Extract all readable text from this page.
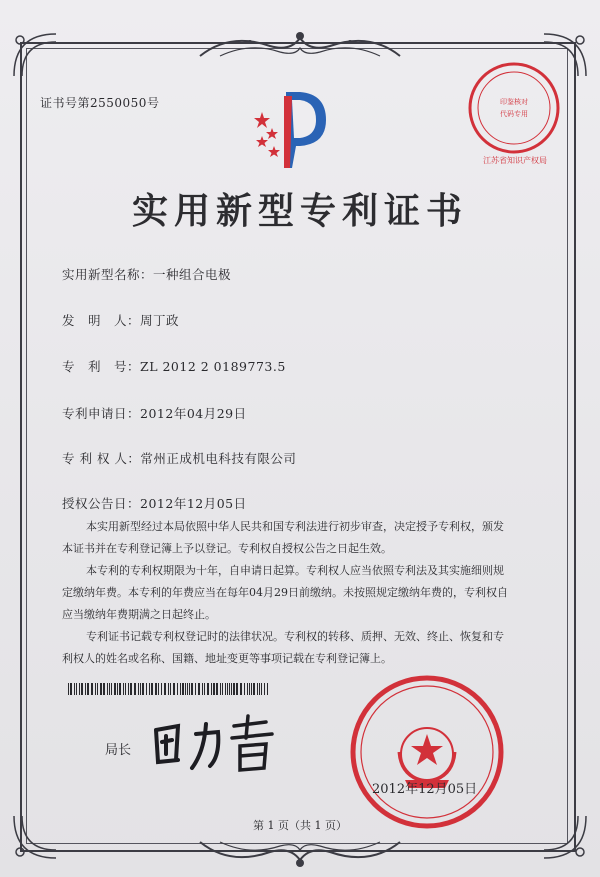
证书号第2550050号	印鉴核对
代码专用
江苏省知识产权局
实用新型专利证书
实用新型名称：一种组合电极
发　明　人：周丁政
专　利　号：ZL 2012 2 0189773.5
专利申请日：2012年04月29日
专 利 权 人：常州正成机电科技有限公司
授权公告日：2012年12月05日
本实用新型经过本局依照中华人民共和国专利法进行初步审查，决定授予专利权，颁发本证书并在专利登记簿上予以登记。专利权自授权公告之日起生效。
本专利的专利权期限为十年，自申请日起算。专利权人应当依照专利法及其实施细则规定缴纳年费。本专利的年费应当在每年04月29日前缴纳。未按照规定缴纳年费的，专利权自应当缴纳年费期满之日起终止。
专利证书记载专利权登记时的法律状况。专利权的转移、质押、无效、终止、恢复和专利权人的姓名或名称、国籍、地址变更等事项记载在专利登记簿上。
局长
2012年12月05日
第 1 页（共 1 页）
